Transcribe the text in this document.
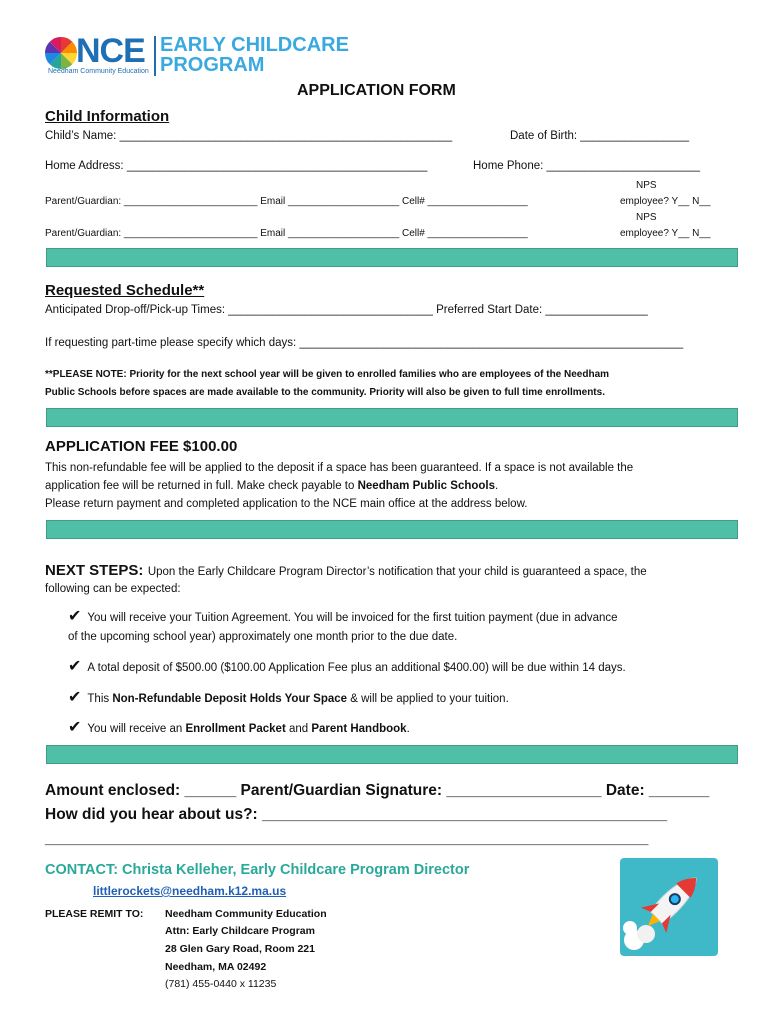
NCE
Needham Community Education
EARLY CHILDCARE
PROGRAM
APPLICATION FORM
Child Information
Child’s Name: ____________________________________________________	Date of Birth: _________________
Home Address: _______________________________________________	Home Phone: ________________________
NPS
Parent/Guardian: ________________________ Email ____________________ Cell# __________________	employee? Y__ N__
NPS
Parent/Guardian: ________________________ Email ____________________ Cell# __________________	employee? Y__ N__
Requested Schedule**
Anticipated Drop-off/Pick-up Times: ________________________________ Preferred Start Date: ________________
If requesting part-time please specify which days: ____________________________________________________________
**PLEASE NOTE: Priority for the next school year will be given to enrolled families who are employees of the Needham
Public Schools before spaces are made available to the community. Priority will also be given to full time enrollments.
APPLICATION FEE $100.00
This non-refundable fee will be applied to the deposit if a space has been guaranteed. If a space is not available the
application fee will be returned in full. Make check payable to Needham Public Schools.
Please return payment and completed application to the NCE main office at the address below.
NEXT STEPS: Upon the Early Childcare Program Director’s notification that your child is guaranteed a space, the
following can be expected:
✔ You will receive your Tuition Agreement. You will be invoiced for the first tuition payment (due in advance
of the upcoming school year) approximately one month prior to the due date.
✔ A total deposit of $500.00 ($100.00 Application Fee plus an additional $400.00) will be due within 14 days.
✔ This Non-Refundable Deposit Holds Your Space & will be applied to your tuition.
✔ You will receive an Enrollment Packet and Parent Handbook.
Amount enclosed: ______ Parent/Guardian Signature: __________________ Date: _______
How did you hear about us?: _______________________________________________
______________________________________________________________________
CONTACT: Christa Kelleher, Early Childcare Program Director
littlerockets@needham.k12.ma.us
PLEASE REMIT TO: Needham Community Education
Attn: Early Childcare Program
28 Glen Gary Road, Room 221
Needham, MA 02492
(781) 455-0440 x 11235
